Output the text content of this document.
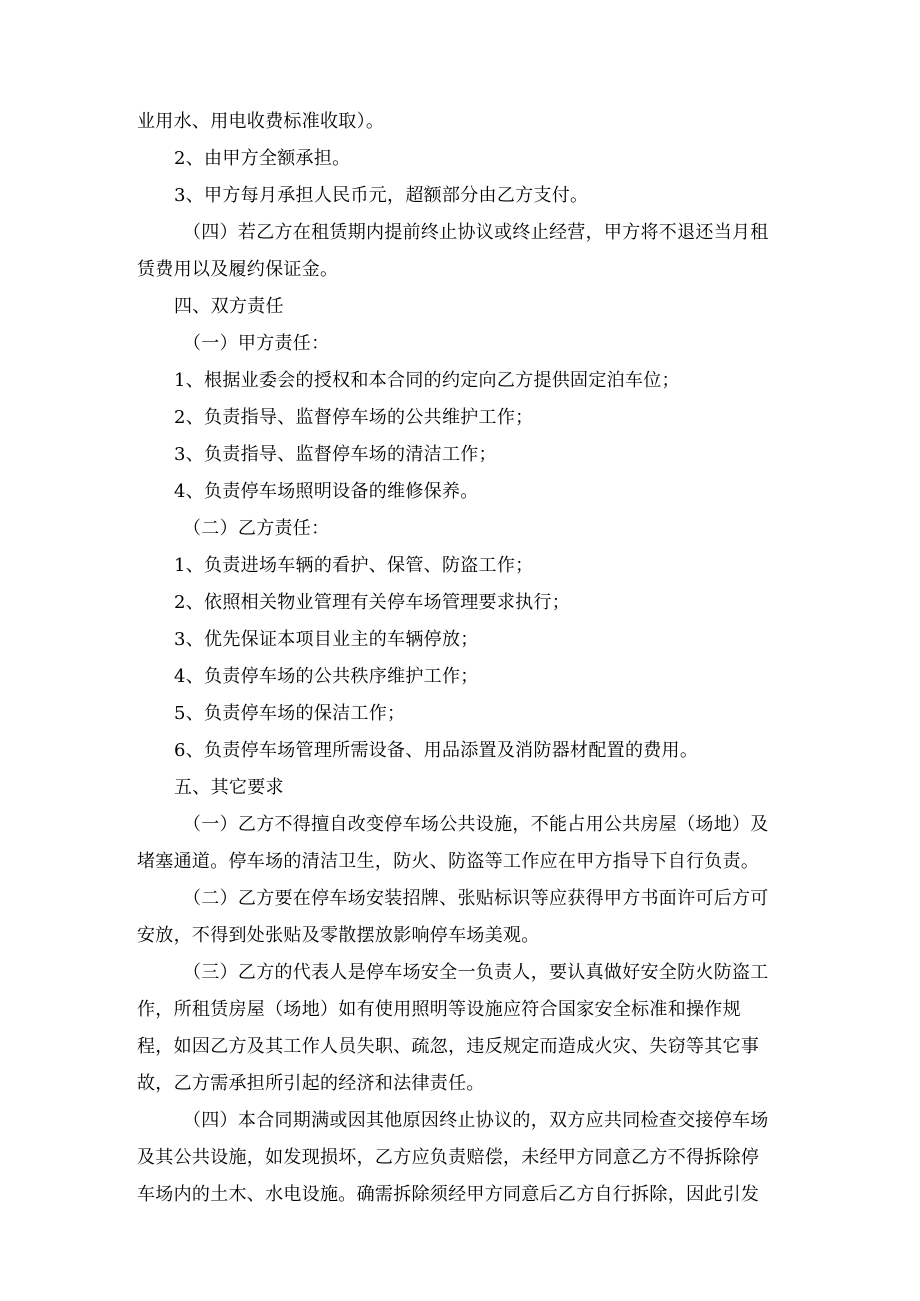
业用水、用电收费标准收取）。
2、由甲方全额承担。
3、甲方每月承担人民币元，超额部分由乙方支付。
（四）若乙方在租赁期内提前终止协议或终止经营，甲方将不退还当月租
赁费用以及履约保证金。
四、双方责任
（一）甲方责任：
1、根据业委会的授权和本合同的约定向乙方提供固定泊车位；
2、负责指导、监督停车场的公共维护工作；
3、负责指导、监督停车场的清洁工作；
4、负责停车场照明设备的维修保养。
（二）乙方责任：
1、负责进场车辆的看护、保管、防盗工作；
2、依照相关物业管理有关停车场管理要求执行；
3、优先保证本项目业主的车辆停放；
4、负责停车场的公共秩序维护工作；
5、负责停车场的保洁工作；
6、负责停车场管理所需设备、用品添置及消防器材配置的费用。
五、其它要求
（一）乙方不得擅自改变停车场公共设施，不能占用公共房屋（场地）及
堵塞通道。停车场的清洁卫生，防火、防盗等工作应在甲方指导下自行负责。
（二）乙方要在停车场安装招牌、张贴标识等应获得甲方书面许可后方可
安放，不得到处张贴及零散摆放影响停车场美观。
（三）乙方的代表人是停车场安全一负责人，要认真做好安全防火防盗工
作，所租赁房屋（场地）如有使用照明等设施应符合国家安全标准和操作规
程，如因乙方及其工作人员失职、疏忽，违反规定而造成火灾、失窃等其它事
故，乙方需承担所引起的经济和法律责任。
（四）本合同期满或因其他原因终止协议的，双方应共同检查交接停车场
及其公共设施，如发现损坏，乙方应负责赔偿，未经甲方同意乙方不得拆除停
车场内的土木、水电设施。确需拆除须经甲方同意后乙方自行拆除，因此引发
